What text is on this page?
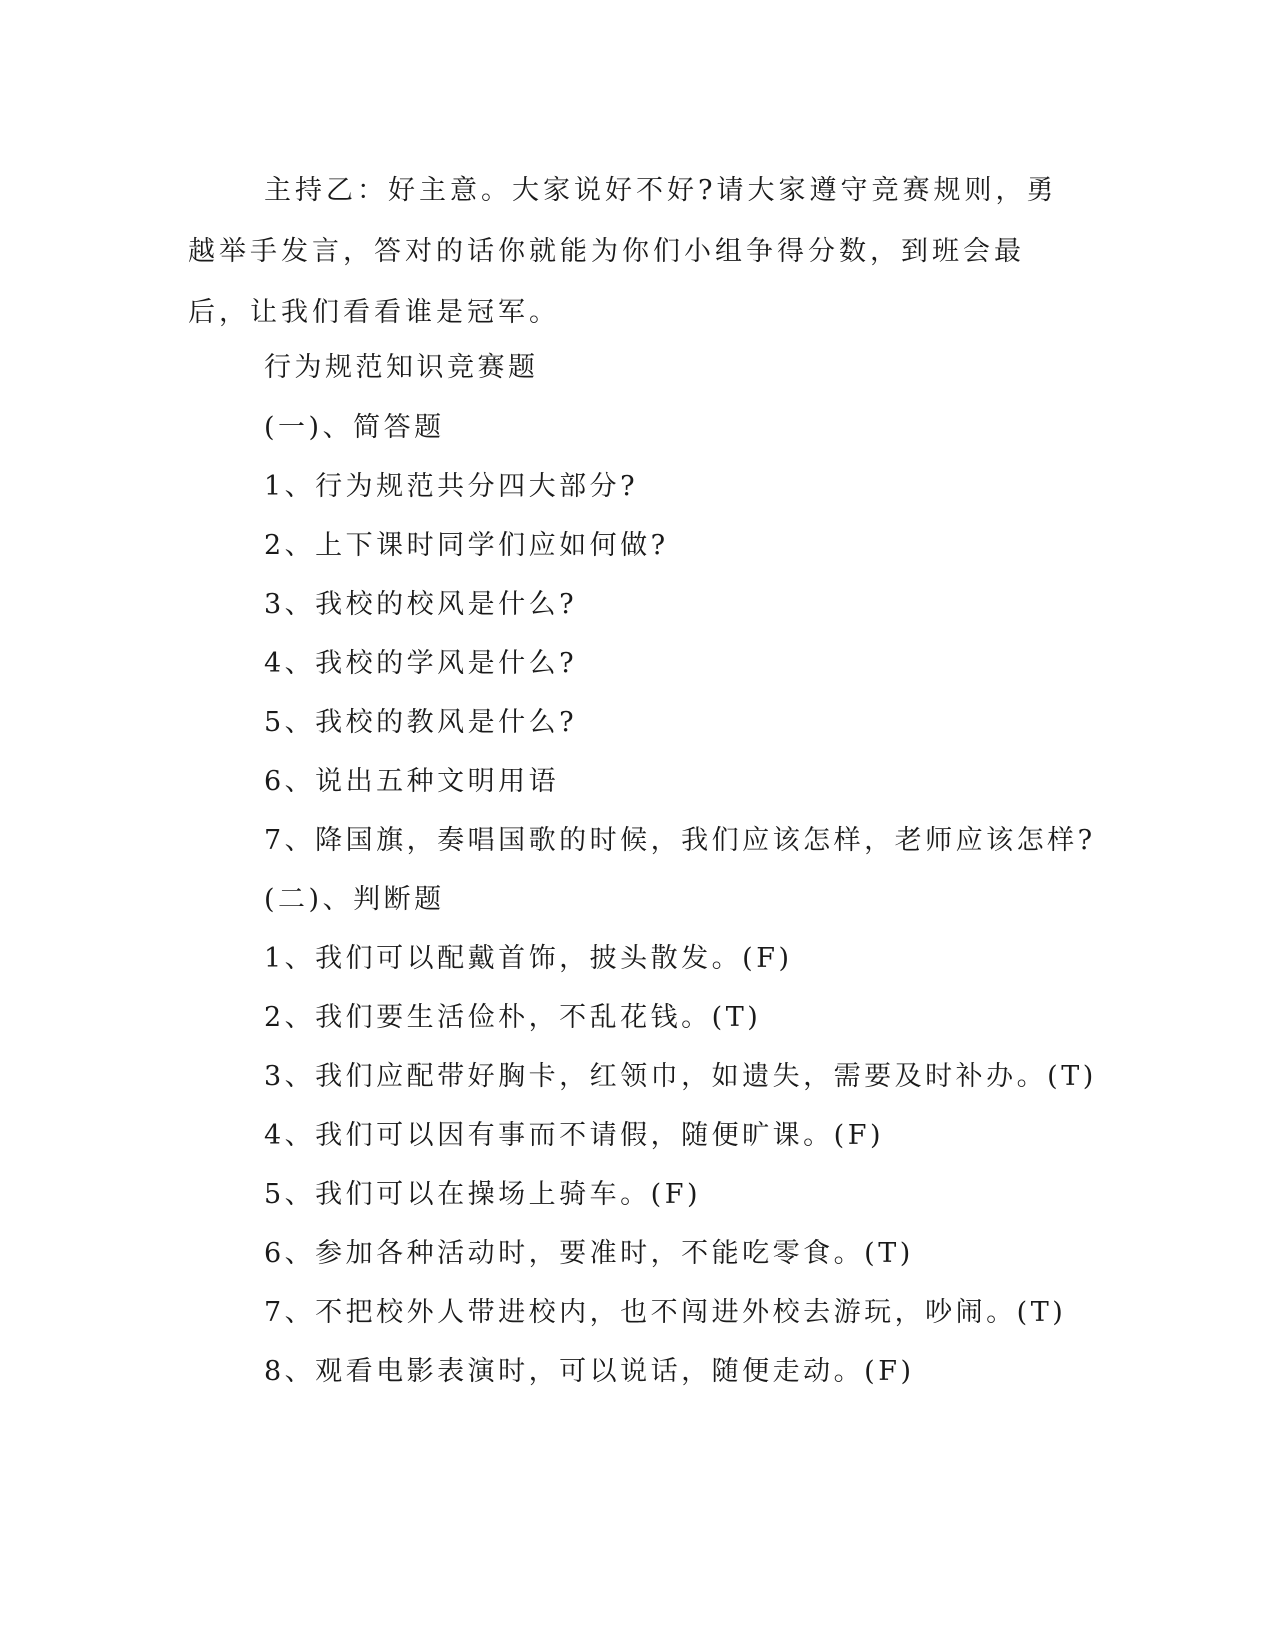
主持乙：好主意。大家说好不好?请大家遵守竞赛规则，勇越举手发言，答对的话你就能为你们小组争得分数，到班会最后，让我们看看谁是冠军。

行为规范知识竞赛题

(一)、简答题

1、行为规范共分四大部分?

2、上下课时同学们应如何做?

3、我校的校风是什么?

4、我校的学风是什么?

5、我校的教风是什么?

6、说出五种文明用语

7、降国旗，奏唱国歌的时候，我们应该怎样，老师应该怎样?

(二)、判断题

1、我们可以配戴首饰，披头散发。(F)

2、我们要生活俭朴，不乱花钱。(T)

3、我们应配带好胸卡，红领巾，如遗失，需要及时补办。(T)

4、我们可以因有事而不请假，随便旷课。(F)

5、我们可以在操场上骑车。(F)

6、参加各种活动时，要准时，不能吃零食。(T)

7、不把校外人带进校内，也不闯进外校去游玩，吵闹。(T)

8、观看电影表演时，可以说话，随便走动。(F)
